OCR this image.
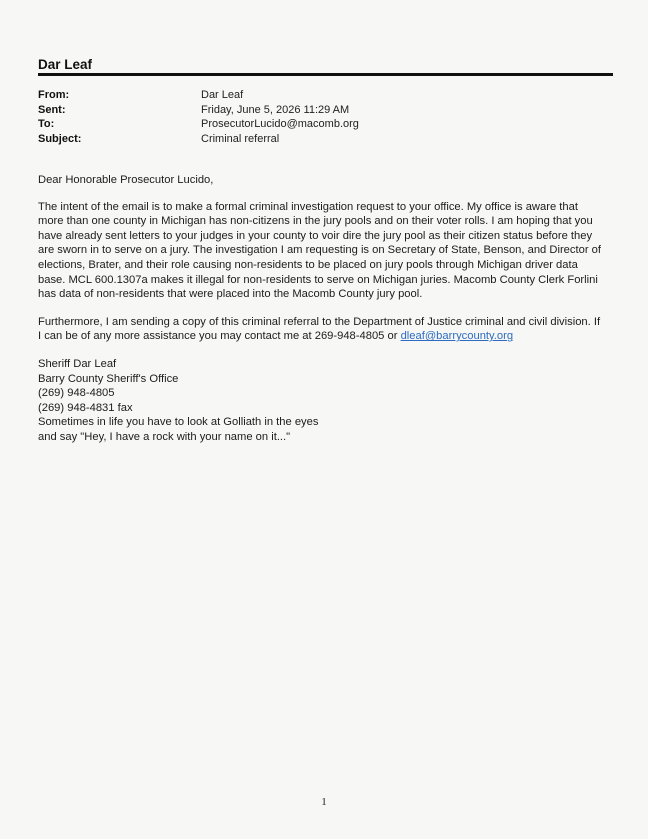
Dar Leaf
From:	Dar Leaf
Sent:	Friday, June 5, 2026 11:29 AM
To:	ProsecutorLucido@macomb.org
Subject:	Criminal referral

Dear Honorable Prosecutor Lucido,

The intent of the email is to make a formal criminal investigation request to your office. My office is aware that
more than one county in Michigan has non-citizens in the jury pools and on their voter rolls. I am hoping that you
have already sent letters to your judges in your county to voir dire the jury pool as their citizen status before they
are sworn in to serve on a jury. The investigation I am requesting is on Secretary of State, Benson, and Director of
elections, Brater, and their role causing non-residents to be placed on jury pools through Michigan driver data
base. MCL 600.1307a makes it illegal for non-residents to serve on Michigan juries. Macomb County Clerk Forlini
has data of non-residents that were placed into the Macomb County jury pool.

Furthermore, I am sending a copy of this criminal referral to the Department of Justice criminal and civil division. If
I can be of any more assistance you may contact me at 269-948-4805 or dleaf@barrycounty.org

Sheriff Dar Leaf
Barry County Sheriff's Office
(269) 948-4805
(269) 948-4831 fax
Sometimes in life you have to look at Golliath in the eyes
and say "Hey, I have a rock with your name on it..."

1
